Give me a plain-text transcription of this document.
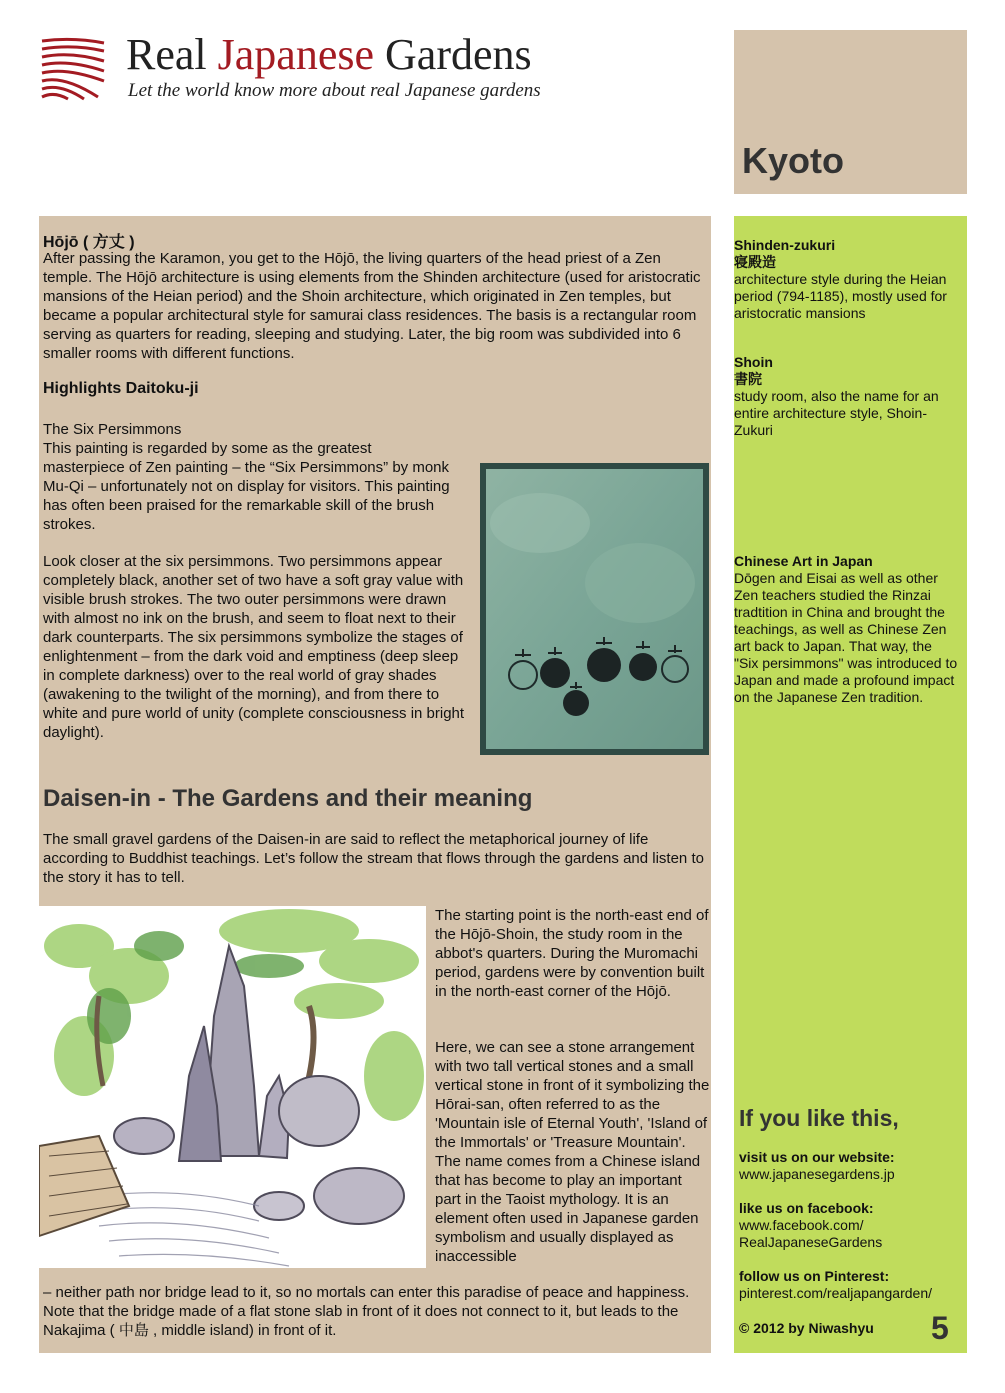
Real Japanese Gardens
Let the world know more about real Japanese gardens
Kyoto
Hōjō ( 方丈 )
After passing the Karamon, you get to the Hōjō, the living quarters of the head priest of a Zen temple. The Hōjō architecture is using elements from the Shinden architecture (used for aristocratic mansions of the Heian period) and the Shoin architecture, which originated in Zen temples, but became a popular architectural style for samurai class residences. The basis is a rectangular room serving as quarters for reading, sleeping and studying. Later, the big room was subdivided into 6 smaller rooms with different functions.
Highlights Daitoku-ji
The Six Persimmons
This painting is regarded by some as the greatest masterpiece of Zen painting – the “Six Persimmons” by monk Mu-Qi – unfortunately not on display for visitors. This painting has often been praised for the remarkable skill of the brush strokes.
Look closer at the six persimmons. Two persimmons appear completely black, another set of two have a soft gray value with visible brush strokes. The two outer persimmons were drawn with almost no ink on the brush, and seem to float next to their dark counterparts. The six persimmons symbolize the stages of enlightenment – from the dark void and emptiness (deep sleep in complete darkness) over to the real world of gray shades (awakening to the twilight of the morning), and from there to white and pure world of unity (complete consciousness in bright daylight).
Daisen-in - The Gardens and their meaning
The small gravel gardens of the Daisen-in are said to reflect the metaphorical journey of life according to Buddhist teachings. Let’s follow the stream that flows through the gardens and listen to the story it has to tell.
The starting point is the north-east end of the Hōjō-Shoin, the study room in the abbot's quarters. During the Muromachi period, gardens were by convention built in the north-east corner of the Hōjō.
Here, we can see a stone arrangement with two tall vertical stones and a small vertical stone in front of it symbolizing the Hōrai-san, often referred to as the 'Mountain isle of Eternal Youth', 'Island of the Immortals' or 'Treasure Mountain'. The name comes from a Chinese island that has become to play an important part in the Taoist mythology. It is an element often used in Japanese garden symbolism and usually displayed as inaccessible
– neither path nor bridge lead to it, so no mortals can enter this paradise of peace and happiness. Note that the bridge made of a flat stone slab in front of it does not connect to it, but leads to the Nakajima ( 中島 , middle island) in front of it.
Shinden-zukuri
寝殿造
architecture style during the Heian period (794-1185), mostly used for aristocratic mansions
Shoin
書院
study room, also the name for an entire architecture style, Shoin-Zukuri
Chinese Art in Japan
Dōgen and Eisai as well as other Zen teachers studied the Rinzai tradtition in China and brought the teachings, as well as Chinese Zen art back to Japan. That way, the "Six persimmons" was introduced to Japan and made a profound impact on the Japanese Zen tradition.
If you like this,
visit us on our website:
www.japanesegardens.jp
like us on facebook:
www.facebook.com/
RealJapaneseGardens
follow us on Pinterest:
pinterest.com/realjapangarden/
© 2012 by Niwashyu 5
